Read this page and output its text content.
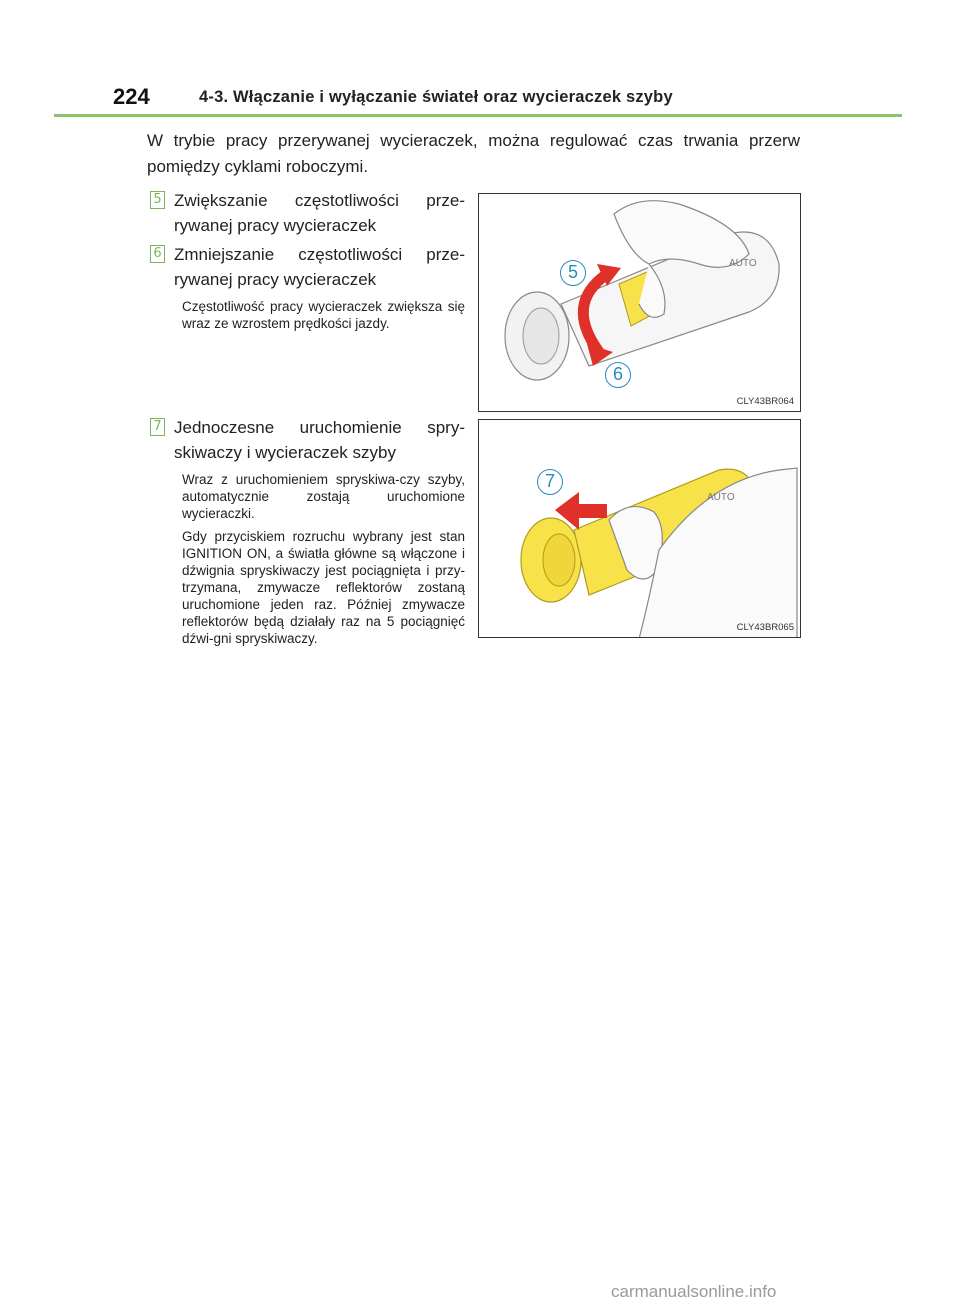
224	4-3. Włączanie i wyłączanie świateł oraz wycieraczek szyby
W trybie pracy przerywanej wycieraczek, można regulować czas trwania przerw pomiędzy cyklami roboczymi.
5 Zwiększanie częstotliwości prze-rywanej pracy wycieraczek
6 Zmniejszanie częstotliwości prze-rywanej pracy wycieraczek
Częstotliwość pracy wycieraczek zwiększa się wraz ze wzrostem prędkości jazdy.
7 Jednoczesne uruchomienie spry-skiwaczy i wycieraczek szyby
Wraz z uruchomieniem spryskiwa-czy szyby, automatycznie zostają uruchomione wycieraczki.
Gdy przyciskiem rozruchu wybrany jest stan IGNITION ON, a światła główne są włączone i dźwignia spryskiwaczy jest pociągnięta i przy-trzymana, zmywacze reflektorów zostaną uruchomione jeden raz. Później zmywacze reflektorów będą działały raz na 5 pociągnięć dźwi-gni spryskiwaczy.
AUTO
5
6
CLY43BR064
AUTO
7
CLY43BR065
carmanualsonline.info
